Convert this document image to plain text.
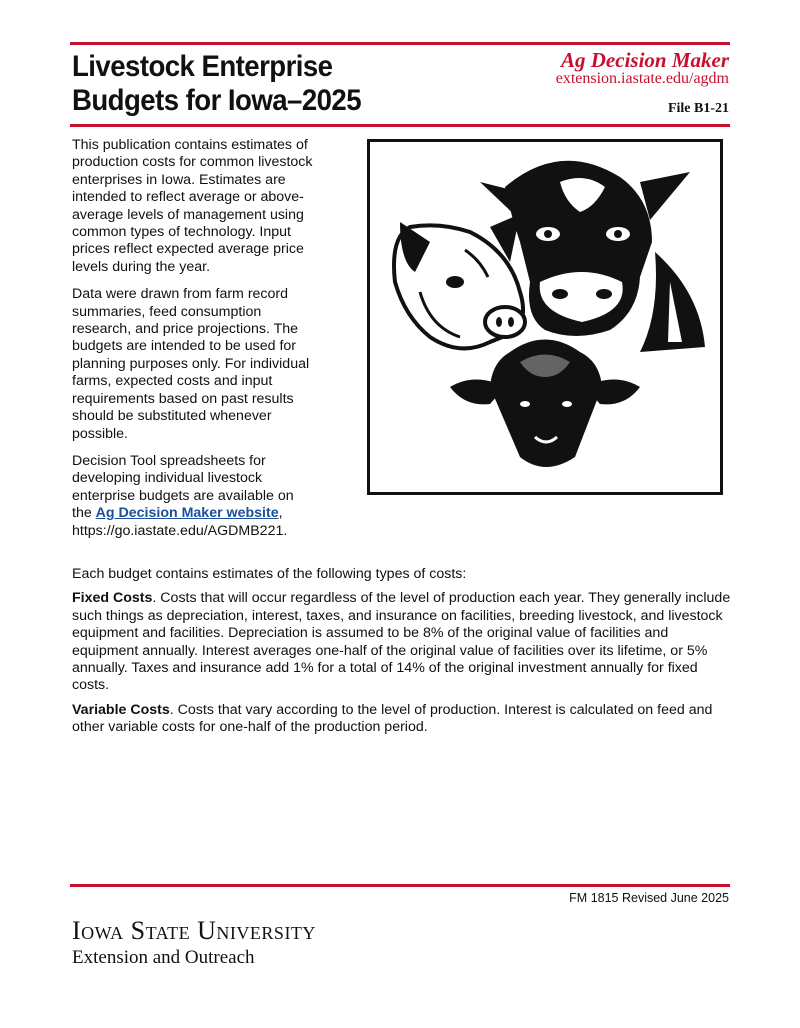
Livestock Enterprise
Budgets for Iowa–2025
Ag Decision Maker
extension.iastate.edu/agdm
File B1-21

This publication contains estimates of production costs for common livestock enterprises in Iowa. Estimates are intended to reflect average or above-average levels of management using common types of technology. Input prices reflect expected average price levels during the year.

Data were drawn from farm record summaries, feed consumption research, and price projections. The budgets are intended to be used for planning purposes only. For individual farms, expected costs and input requirements based on past results should be substituted whenever possible.

Decision Tool spreadsheets for developing individual livestock enterprise budgets are available on the Ag Decision Maker website, https://go.iastate.edu/AGDMB221.

Each budget contains estimates of the following types of costs:

Fixed Costs. Costs that will occur regardless of the level of production each year. They generally include such things as depreciation, interest, taxes, and insurance on facilities, breeding livestock, and livestock equipment and facilities. Depreciation is assumed to be 8% of the original value of facilities and equipment annually. Interest averages one-half of the original value of facilities over its lifetime, or 5% annually. Taxes and insurance add 1% for a total of 14% of the original investment annually for fixed costs.

Variable Costs. Costs that vary according to the level of production. Interest is calculated on feed and other variable costs for one-half of the production period.

FM 1815 Revised June 2025
Iowa State University
Extension and Outreach
